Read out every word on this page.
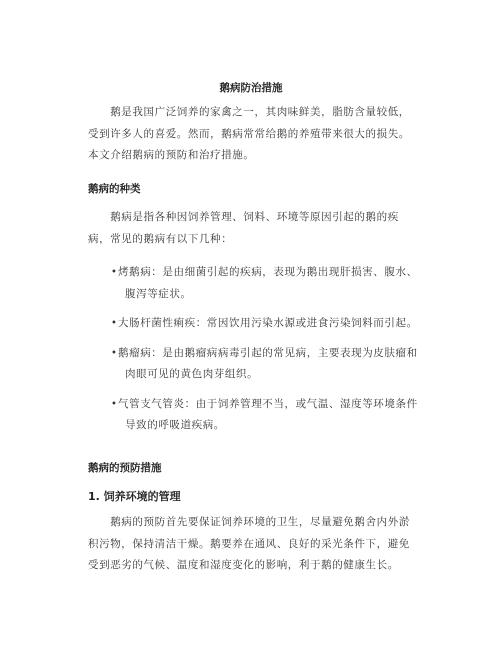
鹅病防治措施
　　鹅是我国广泛饲养的家禽之一，其肉味鲜美，脂肪含量较低，受到许多人的喜爱。然而，鹅病常常给鹅的养殖带来很大的损失。本文介绍鹅病的预防和治疗措施。
鹅病的种类
　　鹅病是指各种因饲养管理、饲料、环境等原因引起的鹅的疾病，常见的鹅病有以下几种：
• 烤鹅病：是由细菌引起的疾病，表现为鹅出现肝损害、腹水、腹泻等症状。
• 大肠杆菌性痢疾：常因饮用污染水源或进食污染饲料而引起。
• 鹅瘤病：是由鹅瘤病病毒引起的常见病，主要表现为皮肤瘤和肉眼可见的黄色肉芽组织。
• 气管支气管炎：由于饲养管理不当，或气温、湿度等环境条件导致的呼吸道疾病。
鹅病的预防措施
1. 饲养环境的管理
　　鹅病的预防首先要保证饲养环境的卫生，尽量避免鹅舍内外淤积污物，保持清洁干燥。鹅要养在通风、良好的采光条件下，避免受到恶劣的气候、温度和湿度变化的影响，利于鹅的健康生长。
